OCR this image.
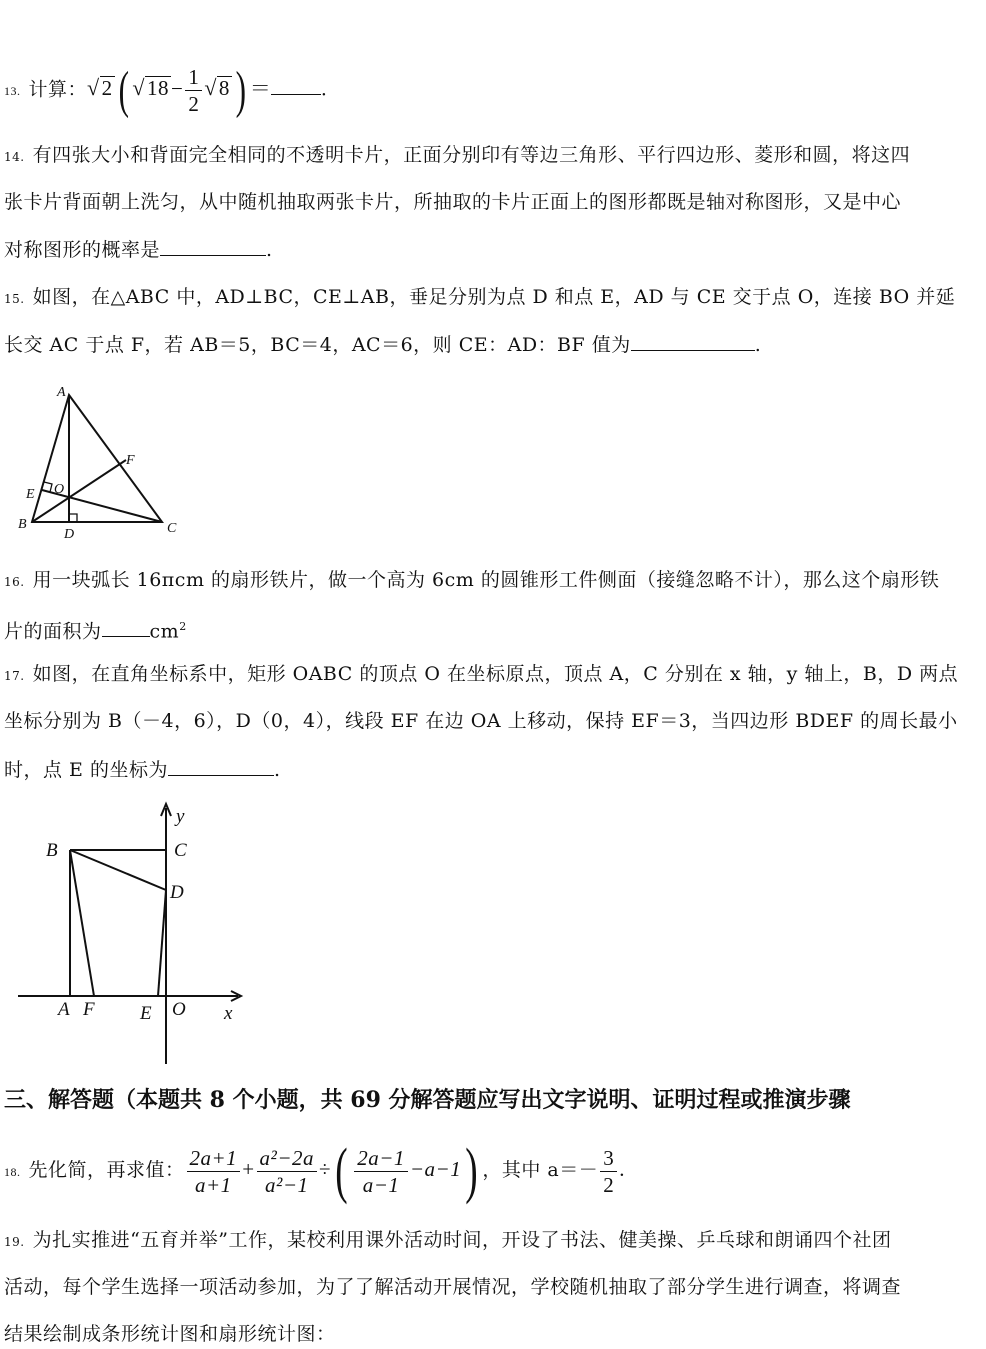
13. 计算：√2 ( $√18- \frac{1}{2} √8$ ) ＝ .
14. 有四张大小和背面完全相同的不透明卡片，正面分别印有等边三角形、平行四边形、菱形和圆，将这四
张卡片背面朝上洗匀，从中随机抽取两张卡片，所抽取的卡片正面上的图形都既是轴对称图形，又是中心
对称图形的概率是	.
15. 如图，在△ABC 中，AD⊥BC，CE⊥AB，垂足分别为点 D 和点 E，AD 与 CE 交于点 O，连接 BO 并延
长交 AC 于点 F，若 AB＝5，BC＝4，AC＝6，则 CE：AD：BF 值为	.
A
B	C
D
E
F
O
16. 用一块弧长 16πcm 的扇形铁片，做一个高为 6cm 的圆锥形工件侧面（接缝忽略不计），那么这个扇形铁
片的面积为	$cm^2$
17. 如图，在直角坐标系中，矩形 OABC 的顶点 O 在坐标原点，顶点 A，C 分别在 x 轴，y 轴上，B，D 两点
坐标分别为 B（－4，6），D（0，4），线段 EF 在边 OA 上移动，保持 EF＝3，当四边形 BDEF 的周长最小
时，点 E 的坐标为	.
y
x
B	C
D
A F E O
三、解答题（本题共 8 个小题，共 69 分解答题应写出文字说明、证明过程或推演步骤
18. 先化简，再求值： $\frac{2a+1}{a+1} + \frac{\text{a²−2a}}{\text{a²−1}}$ ÷( $\frac{2a-1}{a-1} -a-1$) ，其中 $a=- \frac{3}{2}$ .
19. 为扎实推进“五育并举”工作，某校利用课外活动时间，开设了书法、健美操、乒乓球和朗诵四个社团
活动，每个学生选择一项活动参加，为了了解活动开展情况，学校随机抽取了部分学生进行调查，将调查
结果绘制成条形统计图和扇形统计图：
